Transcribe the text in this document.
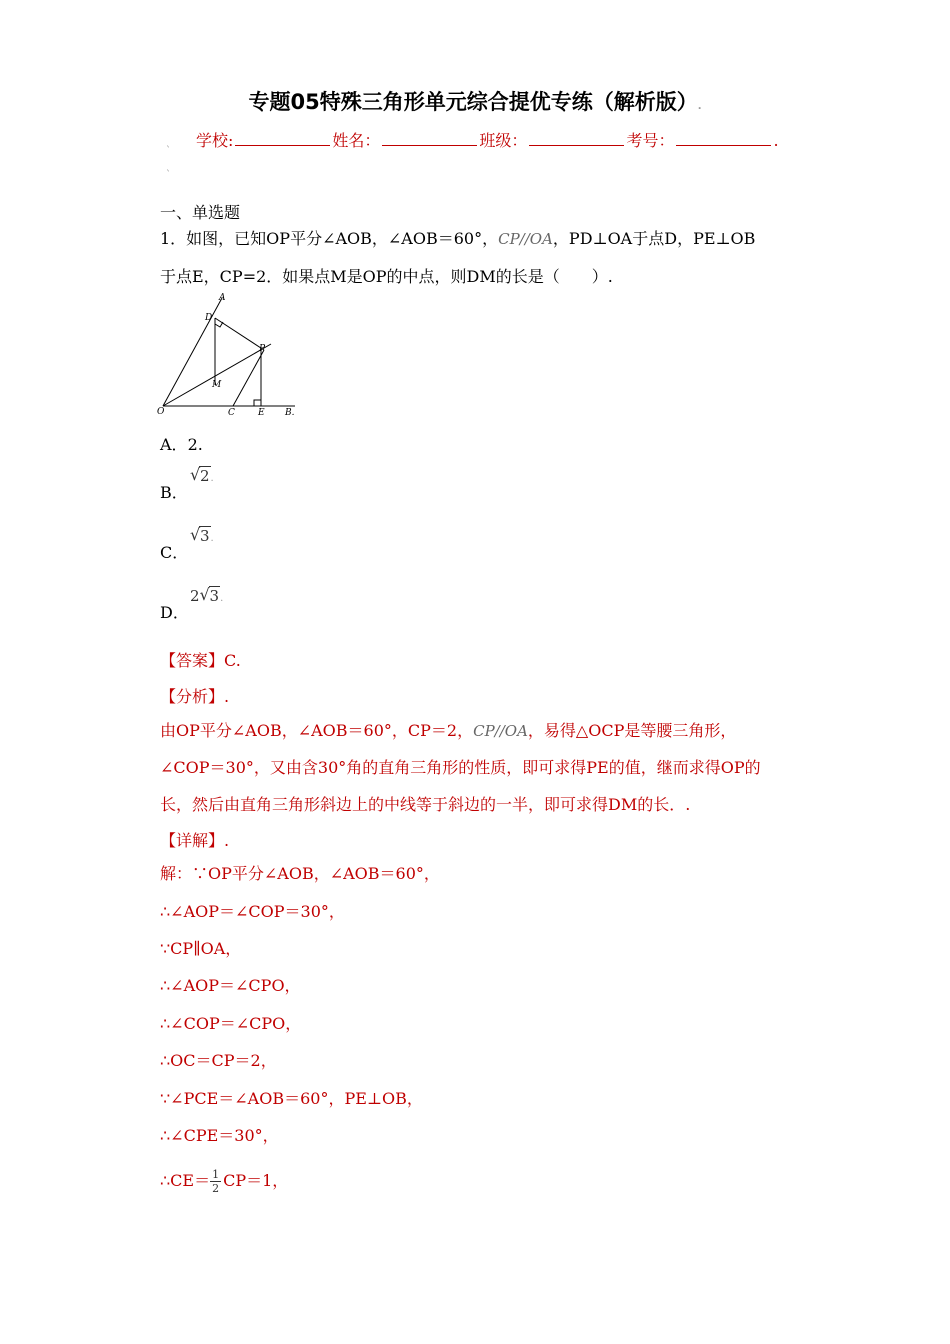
专题05特殊三角形单元综合提优专练（解析版）.
学校:	姓名：	班级：	考号：	.
`
`
一、单选题
1．如图，已知OP平分∠AOB，∠AOB＝60°，CP//OA，PD⊥OA于点D，PE⊥OB
于点E，CP=2．如果点M是OP的中点，则DM的长是（　　）.
A
D
P
M
O	C	E B.
A．2.
B．
√ 2.
C．
√ 3.
D．
2 √ 3.
【答案】C.
【分析】.
由OP平分∠AOB，∠AOB＝60°，CP＝2，CP//OA，易得△OCP是等腰三角形，
∠COP＝30°，又由含30°角的直角三角形的性质，即可求得PE的值，继而求得OP的
长，然后由直角三角形斜边上的中线等于斜边的一半，即可求得DM的长．.
【详解】.
解：∵OP平分∠AOB，∠AOB＝60°，
∴∠AOP＝∠COP＝30°，
∵CP∥OA，
∴∠AOP＝∠CPO，
∴∠COP＝∠CPO，
∴OC＝CP＝2，
∵∠PCE＝∠AOB＝60°，PE⊥OB，
∴∠CPE＝30°，
∴CE＝ $\frac{1}{2} CP=1$，
